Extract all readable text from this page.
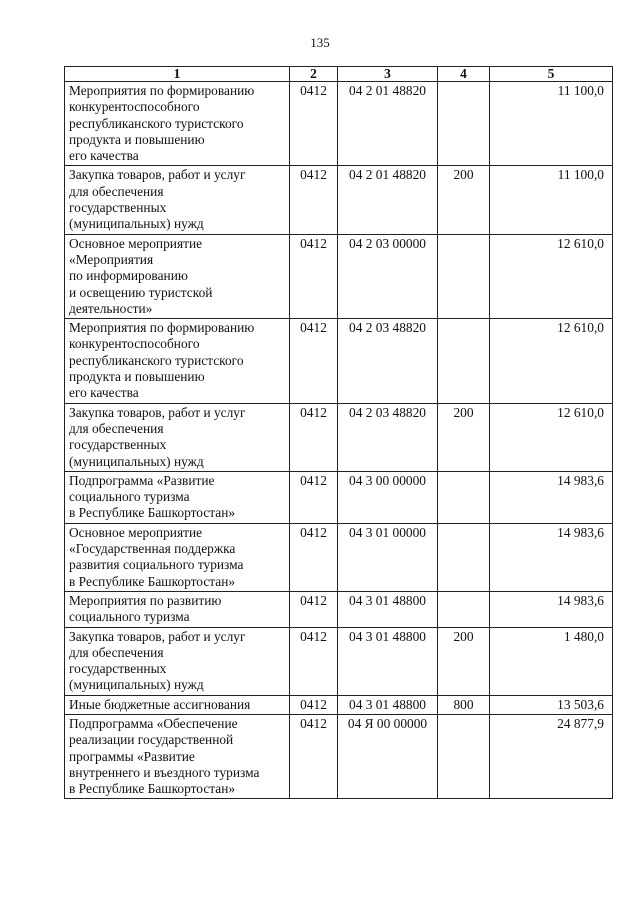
135
1	2	3	4	5

Мероприятия по формированию
конкурентоспособного
республиканского туристского
продукта и повышению
его качества	0412	04 2 01 48820		11 100,0

Закупка товаров, работ и услуг
для обеспечения
государственных
(муниципальных) нужд	0412	04 2 01 48820	200	11 100,0

Основное мероприятие
«Мероприятия
по информированию
и освещению туристской
деятельности»	0412	04 2 03 00000		12 610,0

Мероприятия по формированию
конкурентоспособного
республиканского туристского
продукта и повышению
его качества	0412	04 2 03 48820		12 610,0

Закупка товаров, работ и услуг
для обеспечения
государственных
(муниципальных) нужд	0412	04 2 03 48820	200	12 610,0

Подпрограмма «Развитие
социального туризма
в Республике Башкортостан»	0412	04 3 00 00000		14 983,6

Основное мероприятие
«Государственная поддержка
развития социального туризма
в Республике Башкортостан»	0412	04 3 01 00000		14 983,6

Мероприятия по развитию
социального туризма	0412	04 3 01 48800		14 983,6

Закупка товаров, работ и услуг
для обеспечения
государственных
(муниципальных) нужд	0412	04 3 01 48800	200	1 480,0

Иные бюджетные ассигнования	0412	04 3 01 48800	800	13 503,6

Подпрограмма «Обеспечение
реализации государственной
программы «Развитие
внутреннего и въездного туризма
в Республике Башкортостан»	0412	04 Я 00 00000		24 877,9
